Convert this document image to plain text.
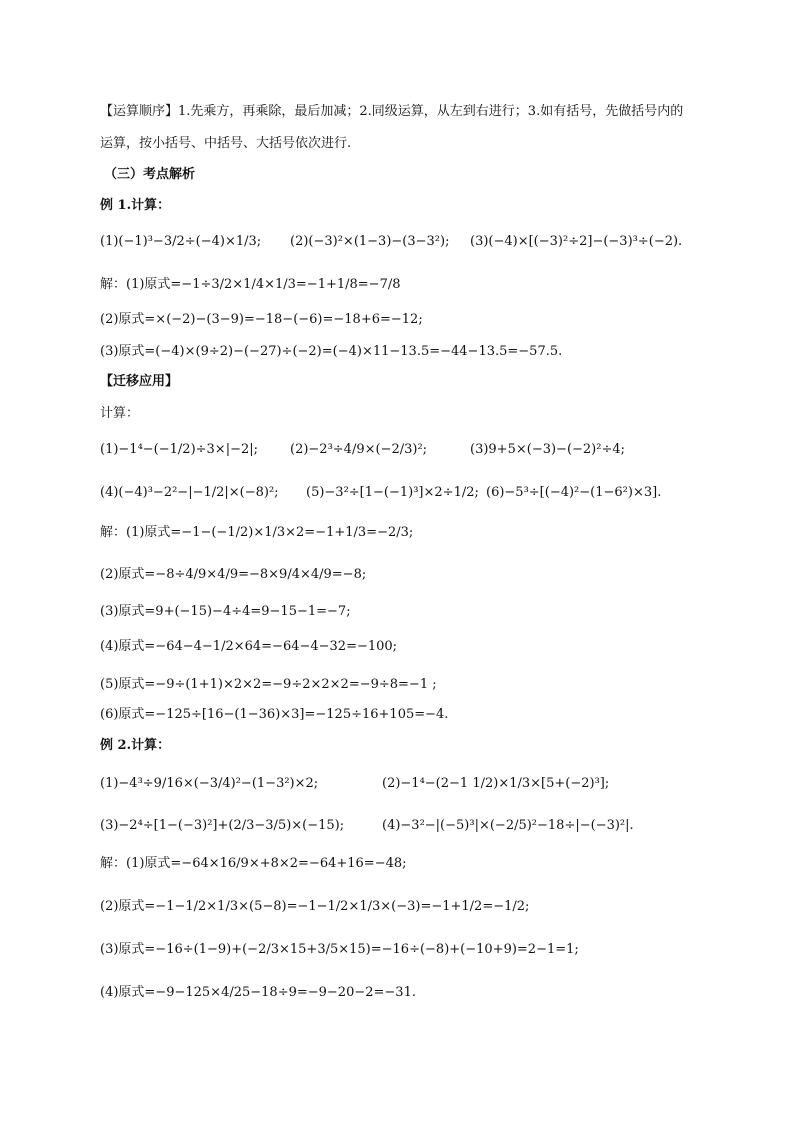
【运算顺序】1.先乘方，再乘除，最后加减；2.同级运算，从左到右进行；3.如有括号，先做括号内的
运算，按小括号、中括号、大括号依次进行.
（三）考点解析
例 1.计算：
(1)(−1)³−3/2÷(−4)×1/3; (2)(−3)²×(1−3)−(3−3²); (3)(−4)×[(−3)²÷2]−(−3)³÷(−2).
解：(1)原式=−1÷3/2×1/4×1/3=−1+1/8=−7/8
(2)原式=×(−2)−(3−9)=−18−(−6)=−18+6=−12;
(3)原式=(−4)×(9÷2)−(−27)÷(−2)=(−4)×11−13.5=−44−13.5=−57.5.
【迁移应用】
计算：
(1)−1⁴−(−1/2)÷3×|−2|; (2)−2³÷4/9×(−2/3)²;	(3)9+5×(−3)−(−2)²÷4;
(4)(−4)³−2²−|−1/2|×(−8)²; (5)−3²÷[1−(−1)³]×2÷1/2; (6)−5³÷[(−4)²−(1−6²)×3].
解：(1)原式=−1−(−1/2)×1/3×2=−1+1/3=−2/3;
(2)原式=−8÷4/9×4/9=−8×9/4×4/9=−8;
(3)原式=9+(−15)−4÷4=9−15−1=−7;
(4)原式=−64−4−1/2×64=−64−4−32=−100;
(5)原式=−9÷(1+1)×2×2=−9÷2×2×2=−9÷8=−1 ;
(6)原式=−125÷[16−(1−36)×3]=−125÷16+105=−4.
例 2.计算：
(1)−4³÷9/16×(−3/4)²−(1−3²)×2;	(2)−1⁴−(2−1 1/2)×1/3×[5+(−2)³];
(3)−2⁴÷[1−(−3)²]+(2/3−3/5)×(−15);	(4)−3²−|(−5)³|×(−2/5)²−18÷|−(−3)²|.
解：(1)原式=−64×16/9×+8×2=−64+16=−48;
(2)原式=−1−1/2×1/3×(5−8)=−1−1/2×1/3×(−3)=−1+1/2=−1/2;
(3)原式=−16÷(1−9)+(−2/3×15+3/5×15)=−16÷(−8)+(−10+9)=2−1=1;
(4)原式=−9−125×4/25−18÷9=−9−20−2=−31.
